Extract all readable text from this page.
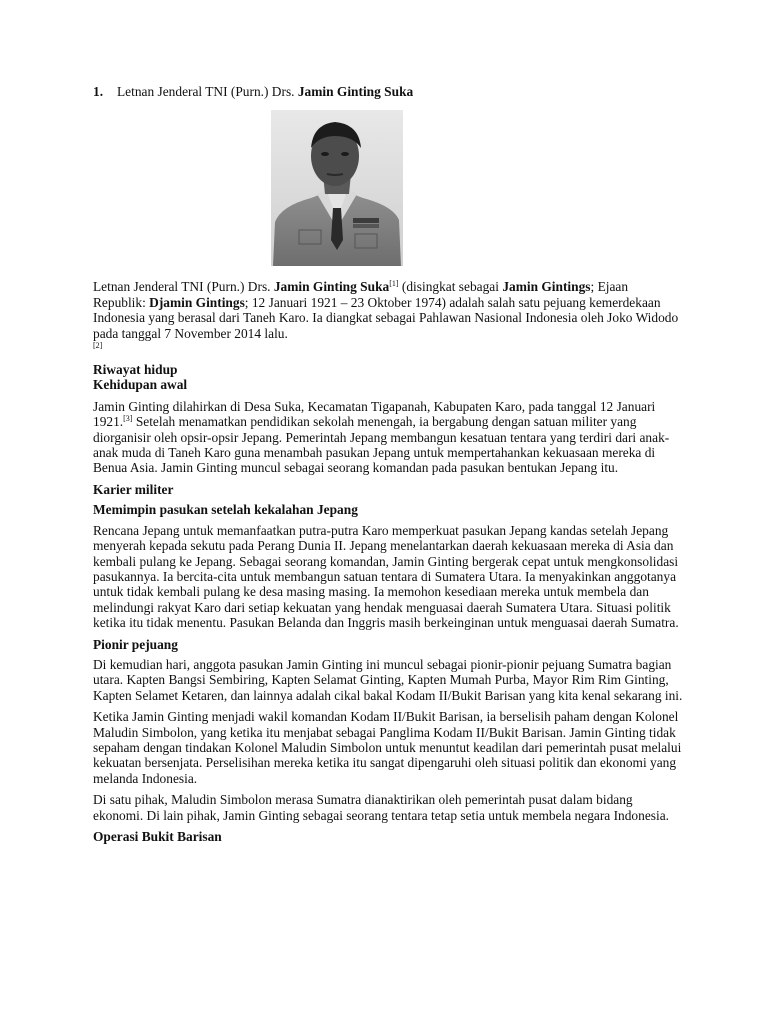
1. Letnan Jenderal TNI (Purn.) Drs. Jamin Ginting Suka

Letnan Jenderal TNI (Purn.) Drs. Jamin Ginting Suka[1] (disingkat sebagai Jamin Gintings; Ejaan Republik: Djamin Gintings; 12 Januari 1921 – 23 Oktober 1974) adalah salah satu pejuang kemerdekaan Indonesia yang berasal dari Taneh Karo. Ia diangkat sebagai Pahlawan Nasional Indonesia oleh Joko Widodo pada tanggal 7 November 2014 lalu.
[2]

Riwayat hidup

Kehidupan awal

Jamin Ginting dilahirkan di Desa Suka, Kecamatan Tigapanah, Kabupaten Karo, pada tanggal 12 Januari 1921.[3] Setelah menamatkan pendidikan sekolah menengah, ia bergabung dengan satuan militer yang diorganisir oleh opsir-opsir Jepang. Pemerintah Jepang membangun kesatuan tentara yang terdiri dari anak-anak muda di Taneh Karo guna menambah pasukan Jepang untuk mempertahankan kekuasaan mereka di Benua Asia. Jamin Ginting muncul sebagai seorang komandan pada pasukan bentukan Jepang itu.

Karier militer

Memimpin pasukan setelah kekalahan Jepang

Rencana Jepang untuk memanfaatkan putra-putra Karo memperkuat pasukan Jepang kandas setelah Jepang menyerah kepada sekutu pada Perang Dunia II. Jepang menelantarkan daerah kekuasaan mereka di Asia dan kembali pulang ke Jepang. Sebagai seorang komandan, Jamin Ginting bergerak cepat untuk mengkonsolidasi pasukannya. Ia bercita-cita untuk membangun satuan tentara di Sumatera Utara. Ia menyakinkan anggotanya untuk tidak kembali pulang ke desa masing masing. Ia memohon kesediaan mereka untuk membela dan melindungi rakyat Karo dari setiap kekuatan yang hendak menguasai daerah Sumatera Utara. Situasi politik ketika itu tidak menentu. Pasukan Belanda dan Inggris masih berkeinginan untuk menguasai daerah Sumatra.

Pionir pejuang

Di kemudian hari, anggota pasukan Jamin Ginting ini muncul sebagai pionir-pionir pejuang Sumatra bagian utara. Kapten Bangsi Sembiring, Kapten Selamat Ginting, Kapten Mumah Purba, Mayor Rim Rim Ginting, Kapten Selamet Ketaren, dan lainnya adalah cikal bakal Kodam II/Bukit Barisan yang kita kenal sekarang ini.

Ketika Jamin Ginting menjadi wakil komandan Kodam II/Bukit Barisan, ia berselisih paham dengan Kolonel Maludin Simbolon, yang ketika itu menjabat sebagai Panglima Kodam II/Bukit Barisan. Jamin Ginting tidak sepaham dengan tindakan Kolonel Maludin Simbolon untuk menuntut keadilan dari pemerintah pusat melalui kekuatan bersenjata. Perselisihan mereka ketika itu sangat dipengaruhi oleh situasi politik dan ekonomi yang melanda Indonesia.

Di satu pihak, Maludin Simbolon merasa Sumatra dianaktirikan oleh pemerintah pusat dalam bidang ekonomi. Di lain pihak, Jamin Ginting sebagai seorang tentara tetap setia untuk membela negara Indonesia.

Operasi Bukit Barisan
